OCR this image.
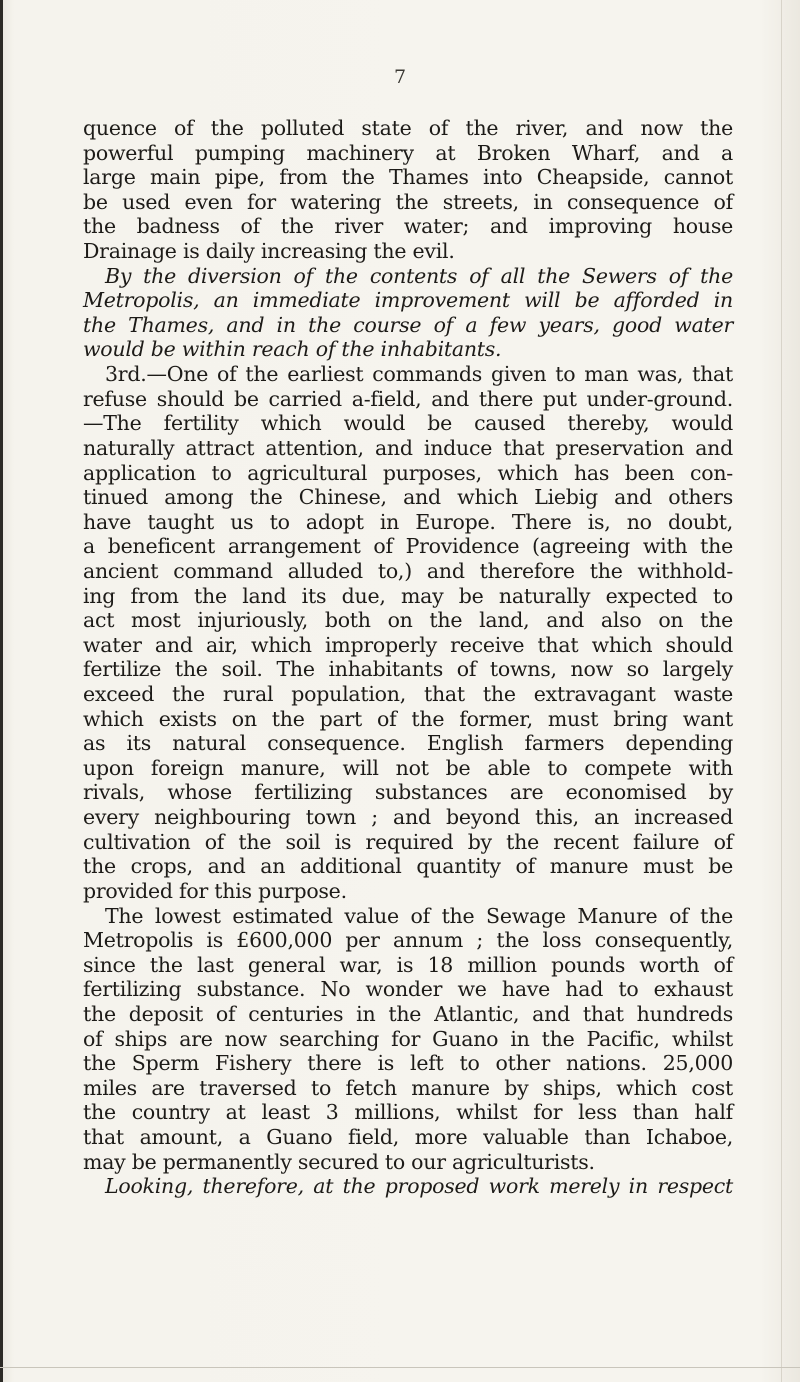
7
quence of the polluted state of the river, and now the
powerful pumping machinery at Broken Wharf, and a
large main pipe, from the Thames into Cheapside, cannot
be used even for watering the streets, in consequence of
the badness of the river water; and improving house
Drainage is daily increasing the evil.
By the diversion of the contents of all the Sewers of the
Metropolis, an immediate improvement will be afforded in
the Thames, and in the course of a few years, good water
would be within reach of the inhabitants.
3rd.—One of the earliest commands given to man was, that
refuse should be carried a-field, and there put under-ground.
—The fertility which would be caused thereby, would
naturally attract attention, and induce that preservation and
application to agricultural purposes, which has been con-
tinued among the Chinese, and which Liebig and others
have taught us to adopt in Europe. There is, no doubt,
a beneficent arrangement of Providence (agreeing with the
ancient command alluded to,) and therefore the withhold-
ing from the land its due, may be naturally expected to
act most injuriously, both on the land, and also on the
water and air, which improperly receive that which should
fertilize the soil. The inhabitants of towns, now so largely
exceed the rural population, that the extravagant waste
which exists on the part of the former, must bring want
as its natural consequence. English farmers depending
upon foreign manure, will not be able to compete with
rivals, whose fertilizing substances are economised by
every neighbouring town ; and beyond this, an increased
cultivation of the soil is required by the recent failure of
the crops, and an additional quantity of manure must be
provided for this purpose.
The lowest estimated value of the Sewage Manure of the
Metropolis is £600,000 per annum ; the loss consequently,
since the last general war, is 18 million pounds worth of
fertilizing substance. No wonder we have had to exhaust
the deposit of centuries in the Atlantic, and that hundreds
of ships are now searching for Guano in the Pacific, whilst
the Sperm Fishery there is left to other nations. 25,000
miles are traversed to fetch manure by ships, which cost
the country at least 3 millions, whilst for less than half
that amount, a Guano field, more valuable than Ichaboe,
may be permanently secured to our agriculturists.
Looking, therefore, at the proposed work merely in respect
